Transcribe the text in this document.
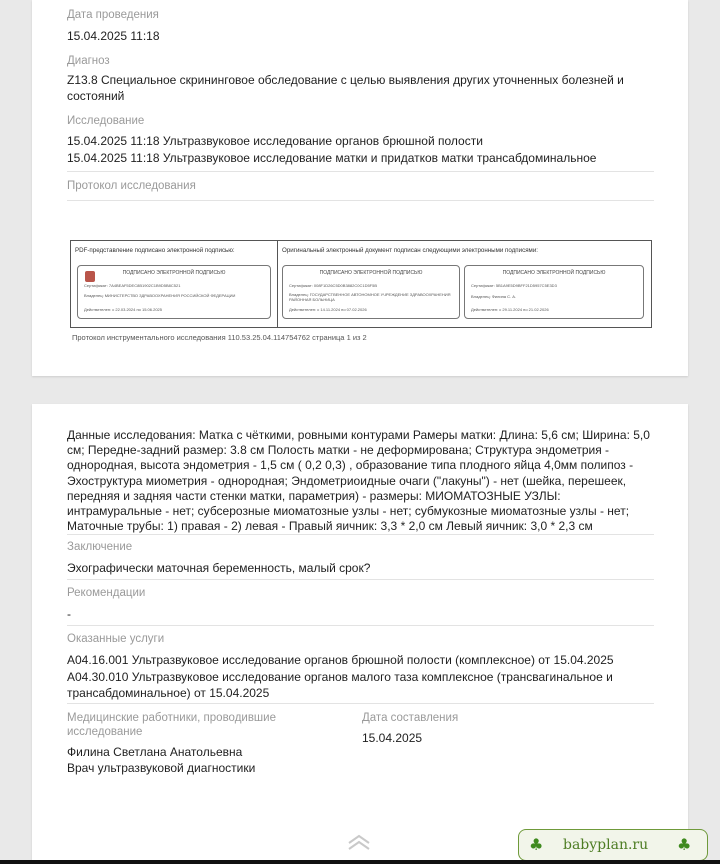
Дата проведения
15.04.2025 11:18
Диагноз
Z13.8 Специальное скрининговое обследование с целью выявления других уточненных болезней и состояний
Исследование
15.04.2025 11:18 Ультразвуковое исследование органов брюшной полости
15.04.2025 11:18 Ультразвуковое исследование матки и придатков матки трансабдоминальное
Протокол исследования
PDF-представление подписано электронной подписью:
ПОДПИСАНО ЭЛЕКТРОННОЙ ПОДПИСЬЮ
Сертификат: 7A4BEAF5DEC8B1902C1B9D5B8C521
Владелец: МИНИСТЕРСТВО ЗДРАВООХРАНЕНИЯ РОССИЙСКОЙ ФЕДЕРАЦИИ
Действителен: с 22.03.2024 по 15.06.2025
Оригинальный электронный документ подписан следующими электронными подписями:
ПОДПИСАНО ЭЛЕКТРОННОЙ ПОДПИСЬЮ
Сертификат: 008F1D26C5D0B3882C0C1D5F5B
Владелец: ГОСУДАРСТВЕННОЕ АВТОНОМНОЕ УЧРЕЖДЕНИЕ ЗДРАВООХРАНЕНИЯ РАЙОННАЯ БОЛЬНИЦА
Действителен: с 14.11.2024 по 07.02.2026
ПОДПИСАНО ЭЛЕКТРОННОЙ ПОДПИСЬЮ
Сертификат: 5B1A9E5D9BFF21D5957C5E3D3
Владелец: Филина С. А.
Действителен: с 29.11.2024 по 21.02.2026
Протокол инструментального исследования 110.53.25.04.114754762 страница 1 из 2
Данные исследования: Матка с чёткими, ровными контурами Рамеры матки: Длина: 5,6 см; Ширина: 5,0 см; Передне-задний размер: 3.8 см Полость матки - не деформирована; Структура эндометрия - однородная, высота эндометрия - 1,5 см ( 0,2 0,3) , образование типа плодного яйца 4,0мм полипоз - Эхоструктура миометрия - однородная; Эндометриоидные очаги ("лакуны") - нет (шейка, перешеек, передняя и задняя части стенки матки, параметрия) - размеры: МИОМАТОЗНЫЕ УЗЛЫ: интрамуральные - нет; субсерозные миоматозные узлы - нет; субмукозные миоматозные узлы - нет; Маточные трубы: 1) правая - 2) левая - Правый яичник: 3,3 * 2,0 см Левый яичник: 3,0 * 2,3 см
Заключение
Эхографически маточная беременность, малый срок?
Рекомендации
-
Оказанные услуги
A04.16.001 Ультразвуковое исследование органов брюшной полости (комплексное) от 15.04.2025
A04.30.010 Ультразвуковое исследование органов малого таза комплексное (трансвагинальное и трансабдоминальное) от 15.04.2025
Медицинские работники, проводившие исследование
Филина Светлана Анатольевна
Врач ультразвуковой диагностики
Дата составления
15.04.2025
♣ babyplan.ru ♣
